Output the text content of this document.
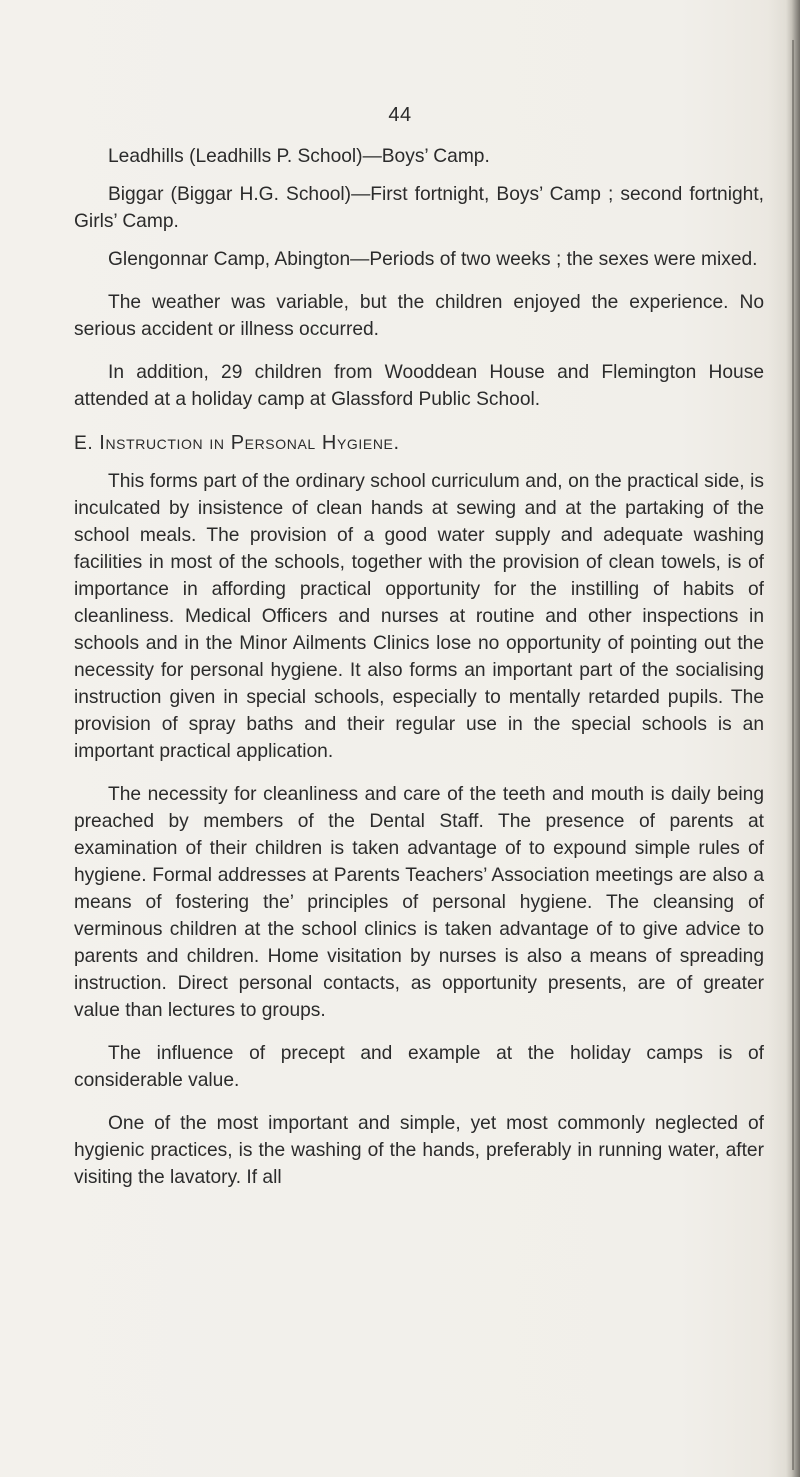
44

Leadhills (Leadhills P. School)—Boys’ Camp.

Biggar (Biggar H.G. School)—First fortnight, Boys’ Camp ; second fortnight, Girls’ Camp.

Glengonnar Camp, Abington—Periods of two weeks ; the sexes were mixed.

The weather was variable, but the children enjoyed the experience. No serious accident or illness occurred.

In addition, 29 children from Wooddean House and Flemington House attended at a holiday camp at Glassford Public School.

E. Instruction in Personal Hygiene.

This forms part of the ordinary school curriculum and, on the practical side, is inculcated by insistence of clean hands at sewing and at the partaking of the school meals. The provision of a good water supply and adequate washing facilities in most of the schools, together with the provision of clean towels, is of importance in affording practical opportunity for the instilling of habits of cleanliness. Medical Officers and nurses at routine and other inspections in schools and in the Minor Ailments Clinics lose no opportunity of pointing out the necessity for personal hygiene. It also forms an important part of the socialising instruction given in special schools, especially to mentally retarded pupils. The provision of spray baths and their regular use in the special schools is an important practical application.

The necessity for cleanliness and care of the teeth and mouth is daily being preached by members of the Dental Staff. The presence of parents at examination of their children is taken advantage of to expound simple rules of hygiene. Formal addresses at Parents Teachers’ Association meetings are also a means of fostering the’ principles of personal hygiene. The cleansing of verminous children at the school clinics is taken advantage of to give advice to parents and children. Home visitation by nurses is also a means of spreading instruction. Direct personal contacts, as opportunity presents, are of greater value than lectures to groups.

The influence of precept and example at the holiday camps is of considerable value.

One of the most important and simple, yet most commonly neglected of hygienic practices, is the washing of the hands, preferably in running water, after visiting the lavatory. If all
